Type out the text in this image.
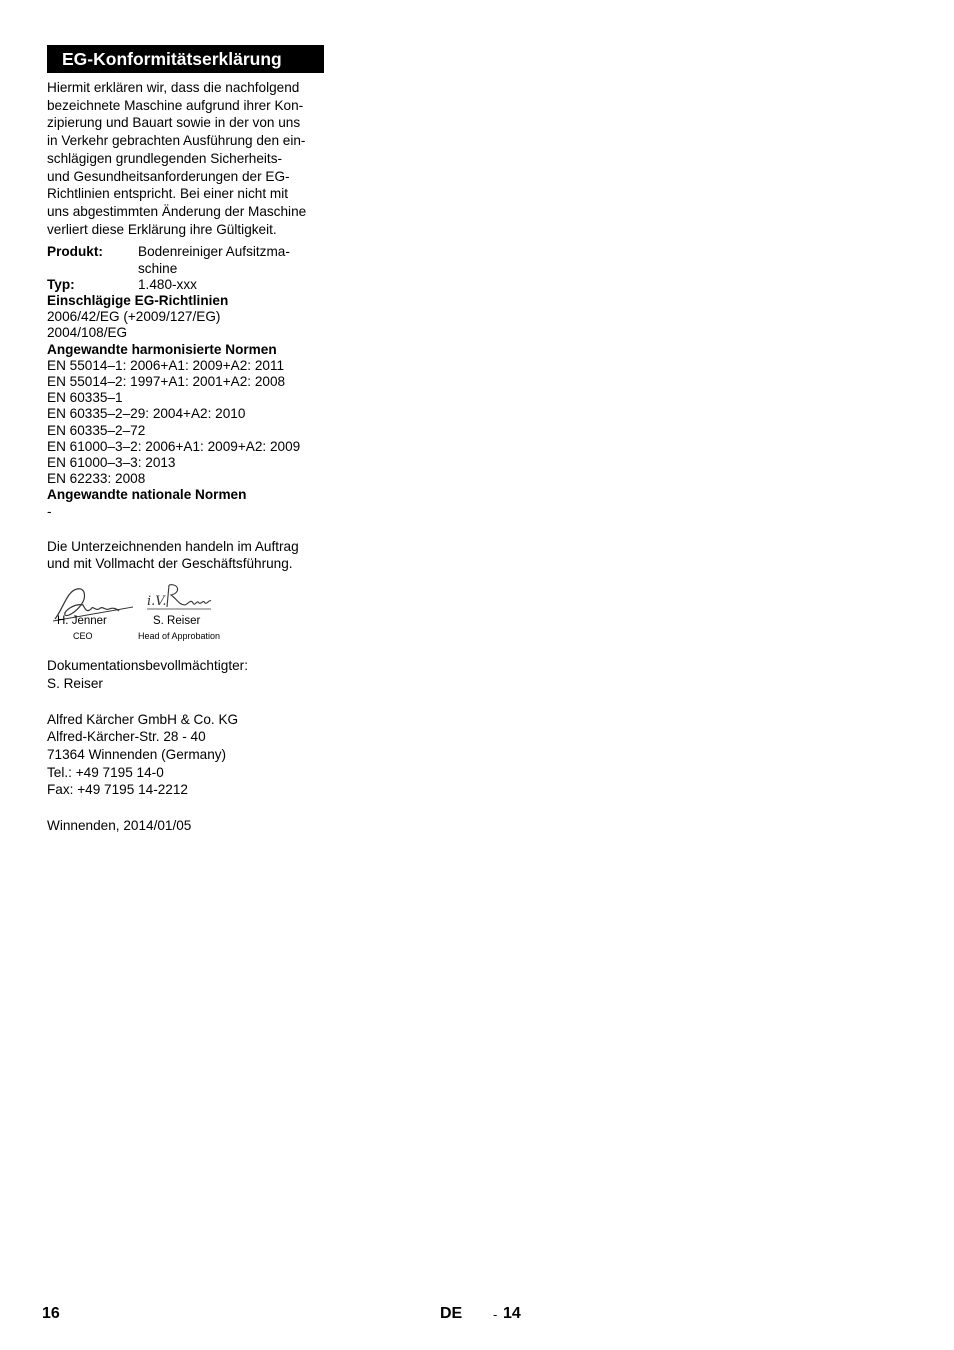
EG-Konformitätserklärung
Hiermit erklären wir, dass die nachfolgend
bezeichnete Maschine aufgrund ihrer Kon-
zipierung und Bauart sowie in der von uns
in Verkehr gebrachten Ausführung den ein-
schlägigen grundlegenden Sicherheits-
und Gesundheitsanforderungen der EG-
Richtlinien entspricht. Bei einer nicht mit
uns abgestimmten Änderung der Maschine
verliert diese Erklärung ihre Gültigkeit.
Produkt:	Bodenreiniger Aufsitzma-
schine
Typ:	1.480-xxx
Einschlägige EG-Richtlinien
2006/42/EG (+2009/127/EG)
2004/108/EG
Angewandte harmonisierte Normen
EN 55014–1: 2006+A1: 2009+A2: 2011
EN 55014–2: 1997+A1: 2001+A2: 2008
EN 60335–1
EN 60335–2–29: 2004+A2: 2010
EN 60335–2–72
EN 61000–3–2: 2006+A1: 2009+A2: 2009
EN 61000–3–3: 2013
EN 62233: 2008
Angewandte nationale Normen
-
Die Unterzeichnenden handeln im Auftrag
und mit Vollmacht der Geschäftsführung.
H. Jenner
CEO
i.V.
S. Reiser
Head of Approbation
Dokumentationsbevollmächtigter:
S. Reiser
Alfred Kärcher GmbH & Co. KG
Alfred-Kärcher-Str. 28 - 40
71364 Winnenden (Germany)
Tel.: +49 7195 14-0
Fax: +49 7195 14-2212
Winnenden, 2014/01/05
16	DE - 14
